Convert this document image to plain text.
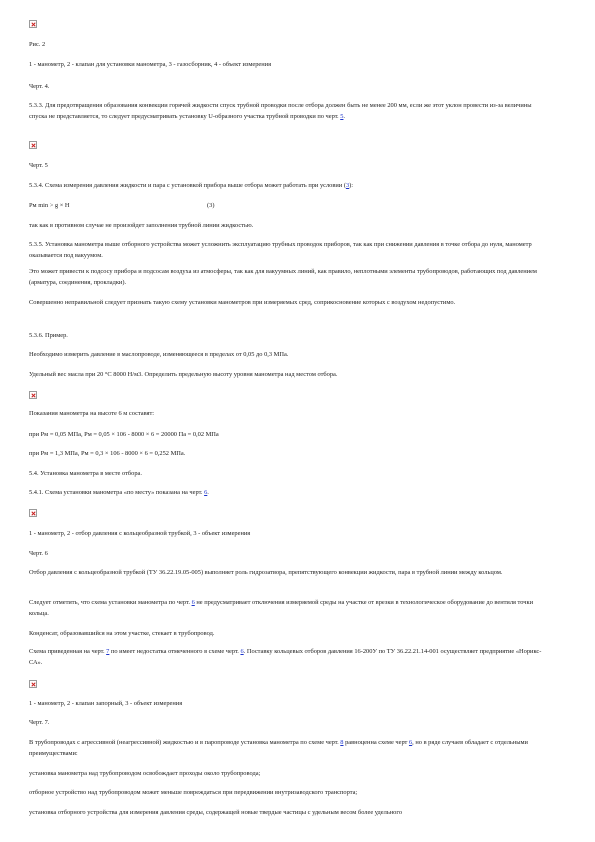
Рис. 2

1 - манометр, 2 - клапан для установки манометра, 3 - газосборник, 4 - объект измерения

Черт. 4.

5.3.3. Для предотвращения образования конвекции горячей жидкости спуск трубной проводки после отбора должен быть не менее 200 мм, если же этот уклон провести из-за величины спуска не представляется, то следует предусматривать установку U-образного участка трубной проводки по черт. 5.

Черт. 5

5.3.4. Схема измерения давления жидкости и пара с установкой прибора выше отбора может работать при условии (3):

Pм min > g × H	(3)

так как в противном случае не произойдет заполнения трубной линии жидкостью.

5.3.5. Установка манометра выше отборного устройства может усложнить эксплуатацию трубных проводок приборов, так как при снижении давления в точке отбора до нуля, манометр оказывается под вакуумом.

Это может привести к подсосу прибора и подсосам воздуха из атмосферы, так как для вакуумных линий, как правило, неплотными элементы трубопроводов, работающих под давлением (арматура, соединения, прокладки).

Совершенно неправильной следует признать такую схему установки манометров при измеряемых сред, соприкосновение которых с воздухом недопустимо.

5.3.6. Пример.

Необходимо измерить давление в маслопроводе, изменяющееся в пределах от 0,05 до 0,3 МПа.

Удельный вес масла при 20 °С 8000 Н/м3. Определить предельную высоту уровня манометра над местом отбора.

Показания манометра на высоте 6 м составят:

при Pм = 0,05 МПа, Pм = 0,05 × 106 - 8000 × 6 = 20000 Па = 0,02 МПа

при Pм = 1,3 МПа, Pм = 0,3 × 106 - 8000 × 6 = 0,252 МПа.

5.4. Установка манометра в месте отбора.

5.4.1. Схема установки манометра «по месту» показана на черт. 6.

1 - манометр, 2 - отбор давления с кольцеобразной трубкой, 3 - объект измерения

Черт. 6

Отбор давления с кольцеобразной трубкой (ТУ 36.22.19.05-005) выполняет роль гидрозатвора, препятствующего конвекции жидкости, пара в трубной линии между кольцом.

Следует отметить, что схема установки манометра по черт. 6 не предусматривает отключения измеряемой среды на участке от врезки в технологическое оборудование до вентиля точки кольца.

Конденсат, образовавшийся на этом участке, стекает в трубопровод.

Схема приведенная на черт. 7 по имеет недостатка отмеченного в схеме черт. 6. Поставку кольцевых отборов давления 16-200У по ТУ 36.22.21.14-001 осуществляет предприятие «Норикс-СА».

1 - манометр, 2 - клапан запорный, 3 - объект измерения

Черт. 7.

В трубопроводах с агрессивной (неагрессивной) жидкостью и в паропроводе установка манометра по схеме черт. 8 равноценна схеме черт 6, но в ряде случаев обладает с отдельными преимуществами:

установка манометра над трубопроводом освобождает проходы около трубопровода;

отборное устройство над трубопроводом может меньше повреждаться при передвижении внутризаводского транспорта;

установка отборного устройства для измерения давления среды, содержащей новые твердые частицы с удельным весом более удельного
